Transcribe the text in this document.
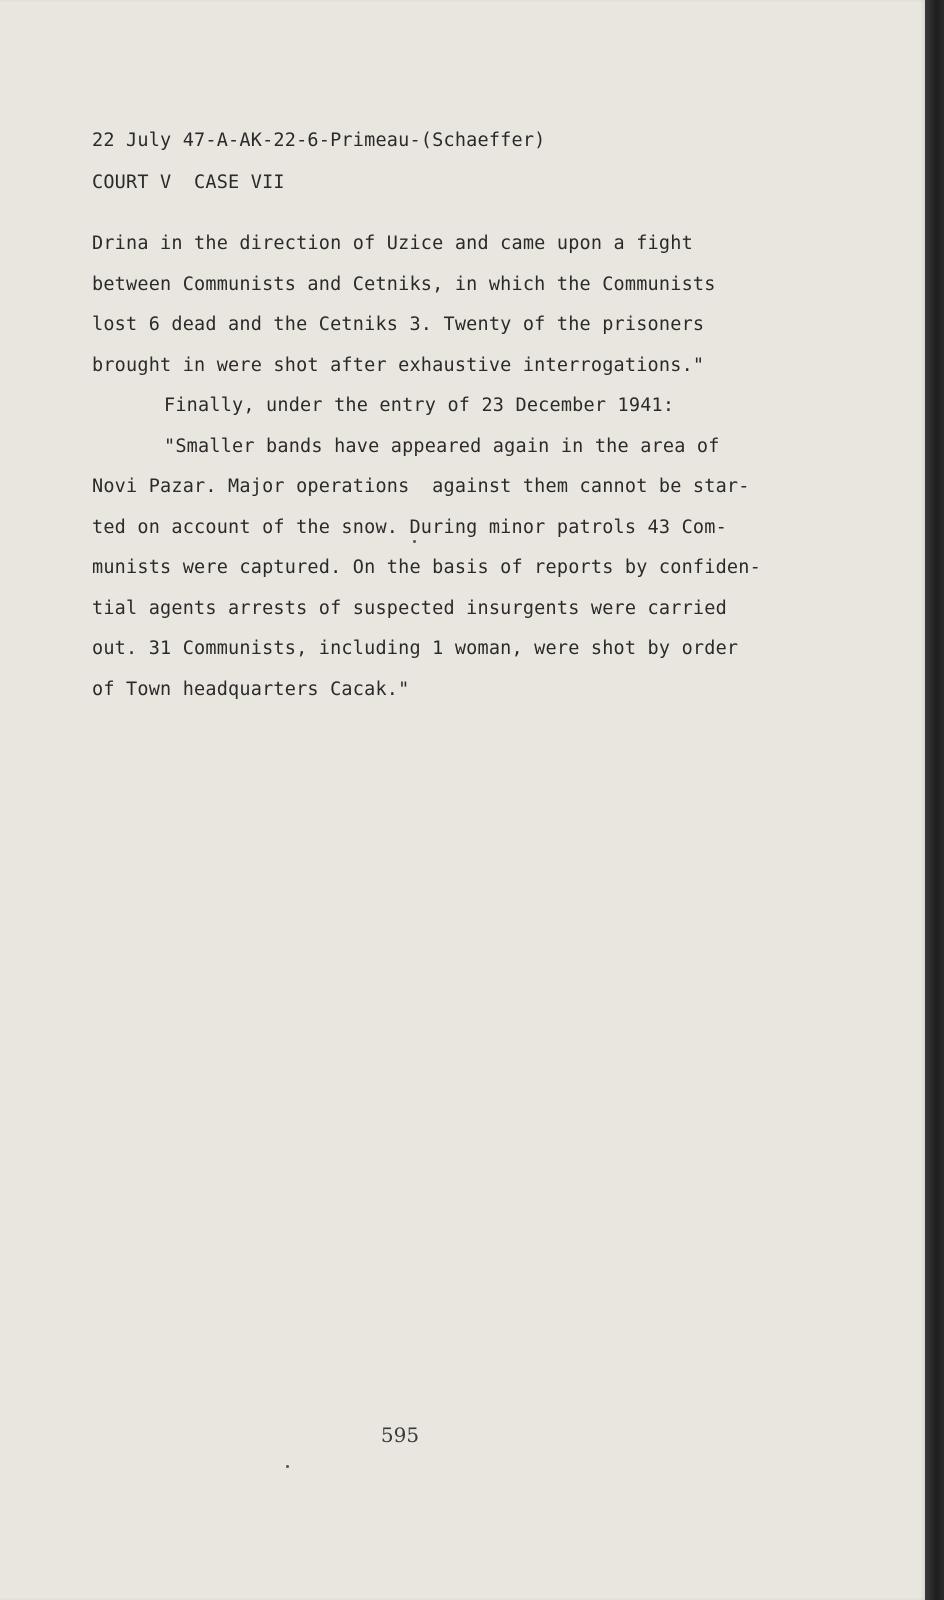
22 July 47-A-AK-22-6-Primeau-(Schaeffer)

COURT V  CASE VII

Drina in the direction of Uzice and came upon a fight
between Communists and Cetniks, in which the Communists
lost 6 dead and the Cetniks 3. Twenty of the prisoners
brought in were shot after exhaustive interrogations."
Finally, under the entry of 23 December 1941:
"Smaller bands have appeared again in the area of
Novi Pazar. Major operations  against them cannot be star-
ted on account of the snow. During minor patrols 43 Com-
munists were captured. On the basis of reports by confiden-
tial agents arrests of suspected insurgents were carried
out. 31 Communists, including 1 woman, were shot by order
of Town headquarters Cacak."

595
